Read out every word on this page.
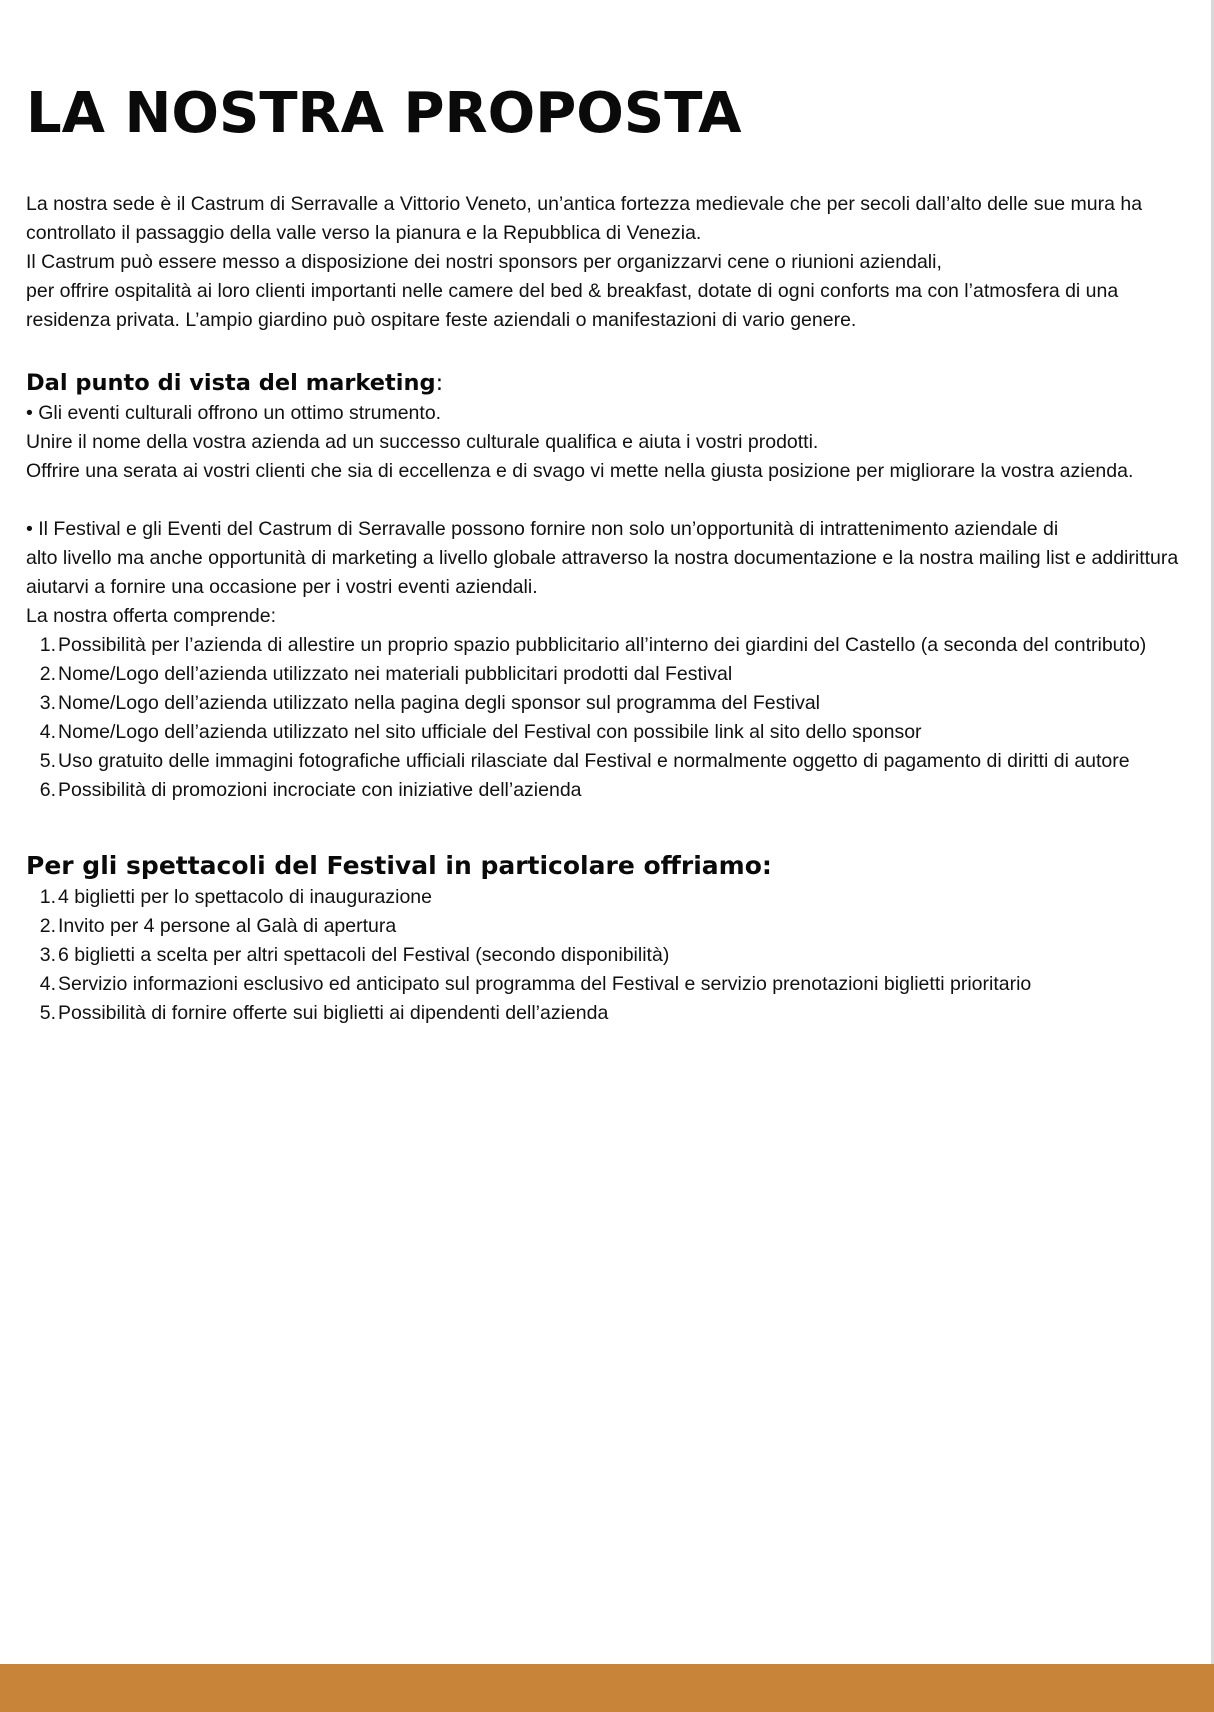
LA NOSTRA PROPOSTA

La nostra sede è il Castrum di Serravalle a Vittorio Veneto, un’antica fortezza medievale che per secoli dall’alto delle sue mura ha controllato il passaggio della valle verso la pianura e la Repubblica di Venezia.

Il Castrum può essere messo a disposizione dei nostri sponsors per organizzarvi cene o riunioni aziendali,

per offrire ospitalità ai loro clienti importanti nelle camere del bed & breakfast, dotate di ogni conforts ma con l’atmosfera di una residenza privata. L’ampio giardino può ospitare feste aziendali o manifestazioni di vario genere.

Dal punto di vista del marketing:

• Gli eventi culturali offrono un ottimo strumento.

Unire il nome della vostra azienda ad un successo culturale qualifica e aiuta i vostri prodotti.

Offrire una serata ai vostri clienti che sia di eccellenza e di svago vi mette nella giusta posizione per migliorare la vostra azienda.

• Il Festival e gli Eventi del Castrum di Serravalle possono fornire non solo un’opportunità di intrattenimento aziendale di

alto livello ma anche opportunità di marketing a livello globale attraverso la nostra documentazione e la nostra mailing list e addirittura aiutarvi a fornire una occasione per i vostri eventi aziendali.

La nostra offerta comprende:

1. Possibilità per l’azienda di allestire un proprio spazio pubblicitario all’interno dei giardini del Castello (a seconda del contributo)
2. Nome/Logo dell’azienda utilizzato nei materiali pubblicitari prodotti dal Festival
3. Nome/Logo dell’azienda utilizzato nella pagina degli sponsor sul programma del Festival
4. Nome/Logo dell’azienda utilizzato nel sito ufficiale del Festival con possibile link al sito dello sponsor
5. Uso gratuito delle immagini fotografiche ufficiali rilasciate dal Festival e normalmente oggetto di pagamento di diritti di autore
6. Possibilità di promozioni incrociate con iniziative dell’azienda
Per gli spettacoli del Festival in particolare offriamo:
1. 4 biglietti per lo spettacolo di inaugurazione
2. Invito per 4 persone al Galà di apertura
3. 6 biglietti a scelta per altri spettacoli del Festival (secondo disponibilità)
4. Servizio informazioni esclusivo ed anticipato sul programma del Festival e servizio prenotazioni biglietti prioritario
5. Possibilità di fornire offerte sui biglietti ai dipendenti dell’azienda
